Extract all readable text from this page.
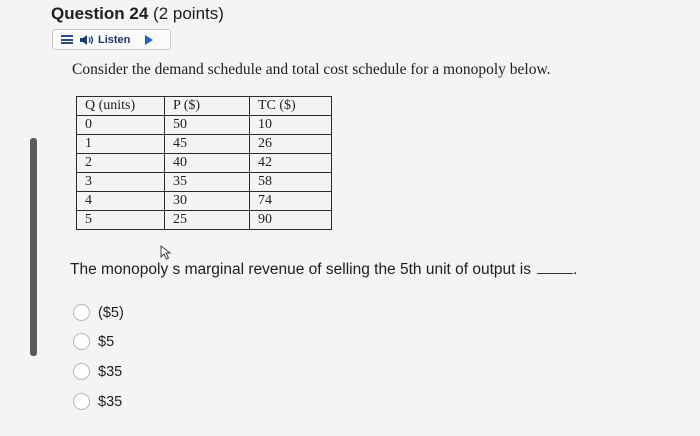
Question 24 (2 points)
Listen
Consider the demand schedule and total cost schedule for a monopoly below.
Q (units)	P ($)	TC ($)
0	50	10
1	45	26
2	40	42
3	35	58
4	30	74
5	25	90
The monopoly s marginal revenue of selling the 5th unit of output is	.
($5)
$5
$35
$35
